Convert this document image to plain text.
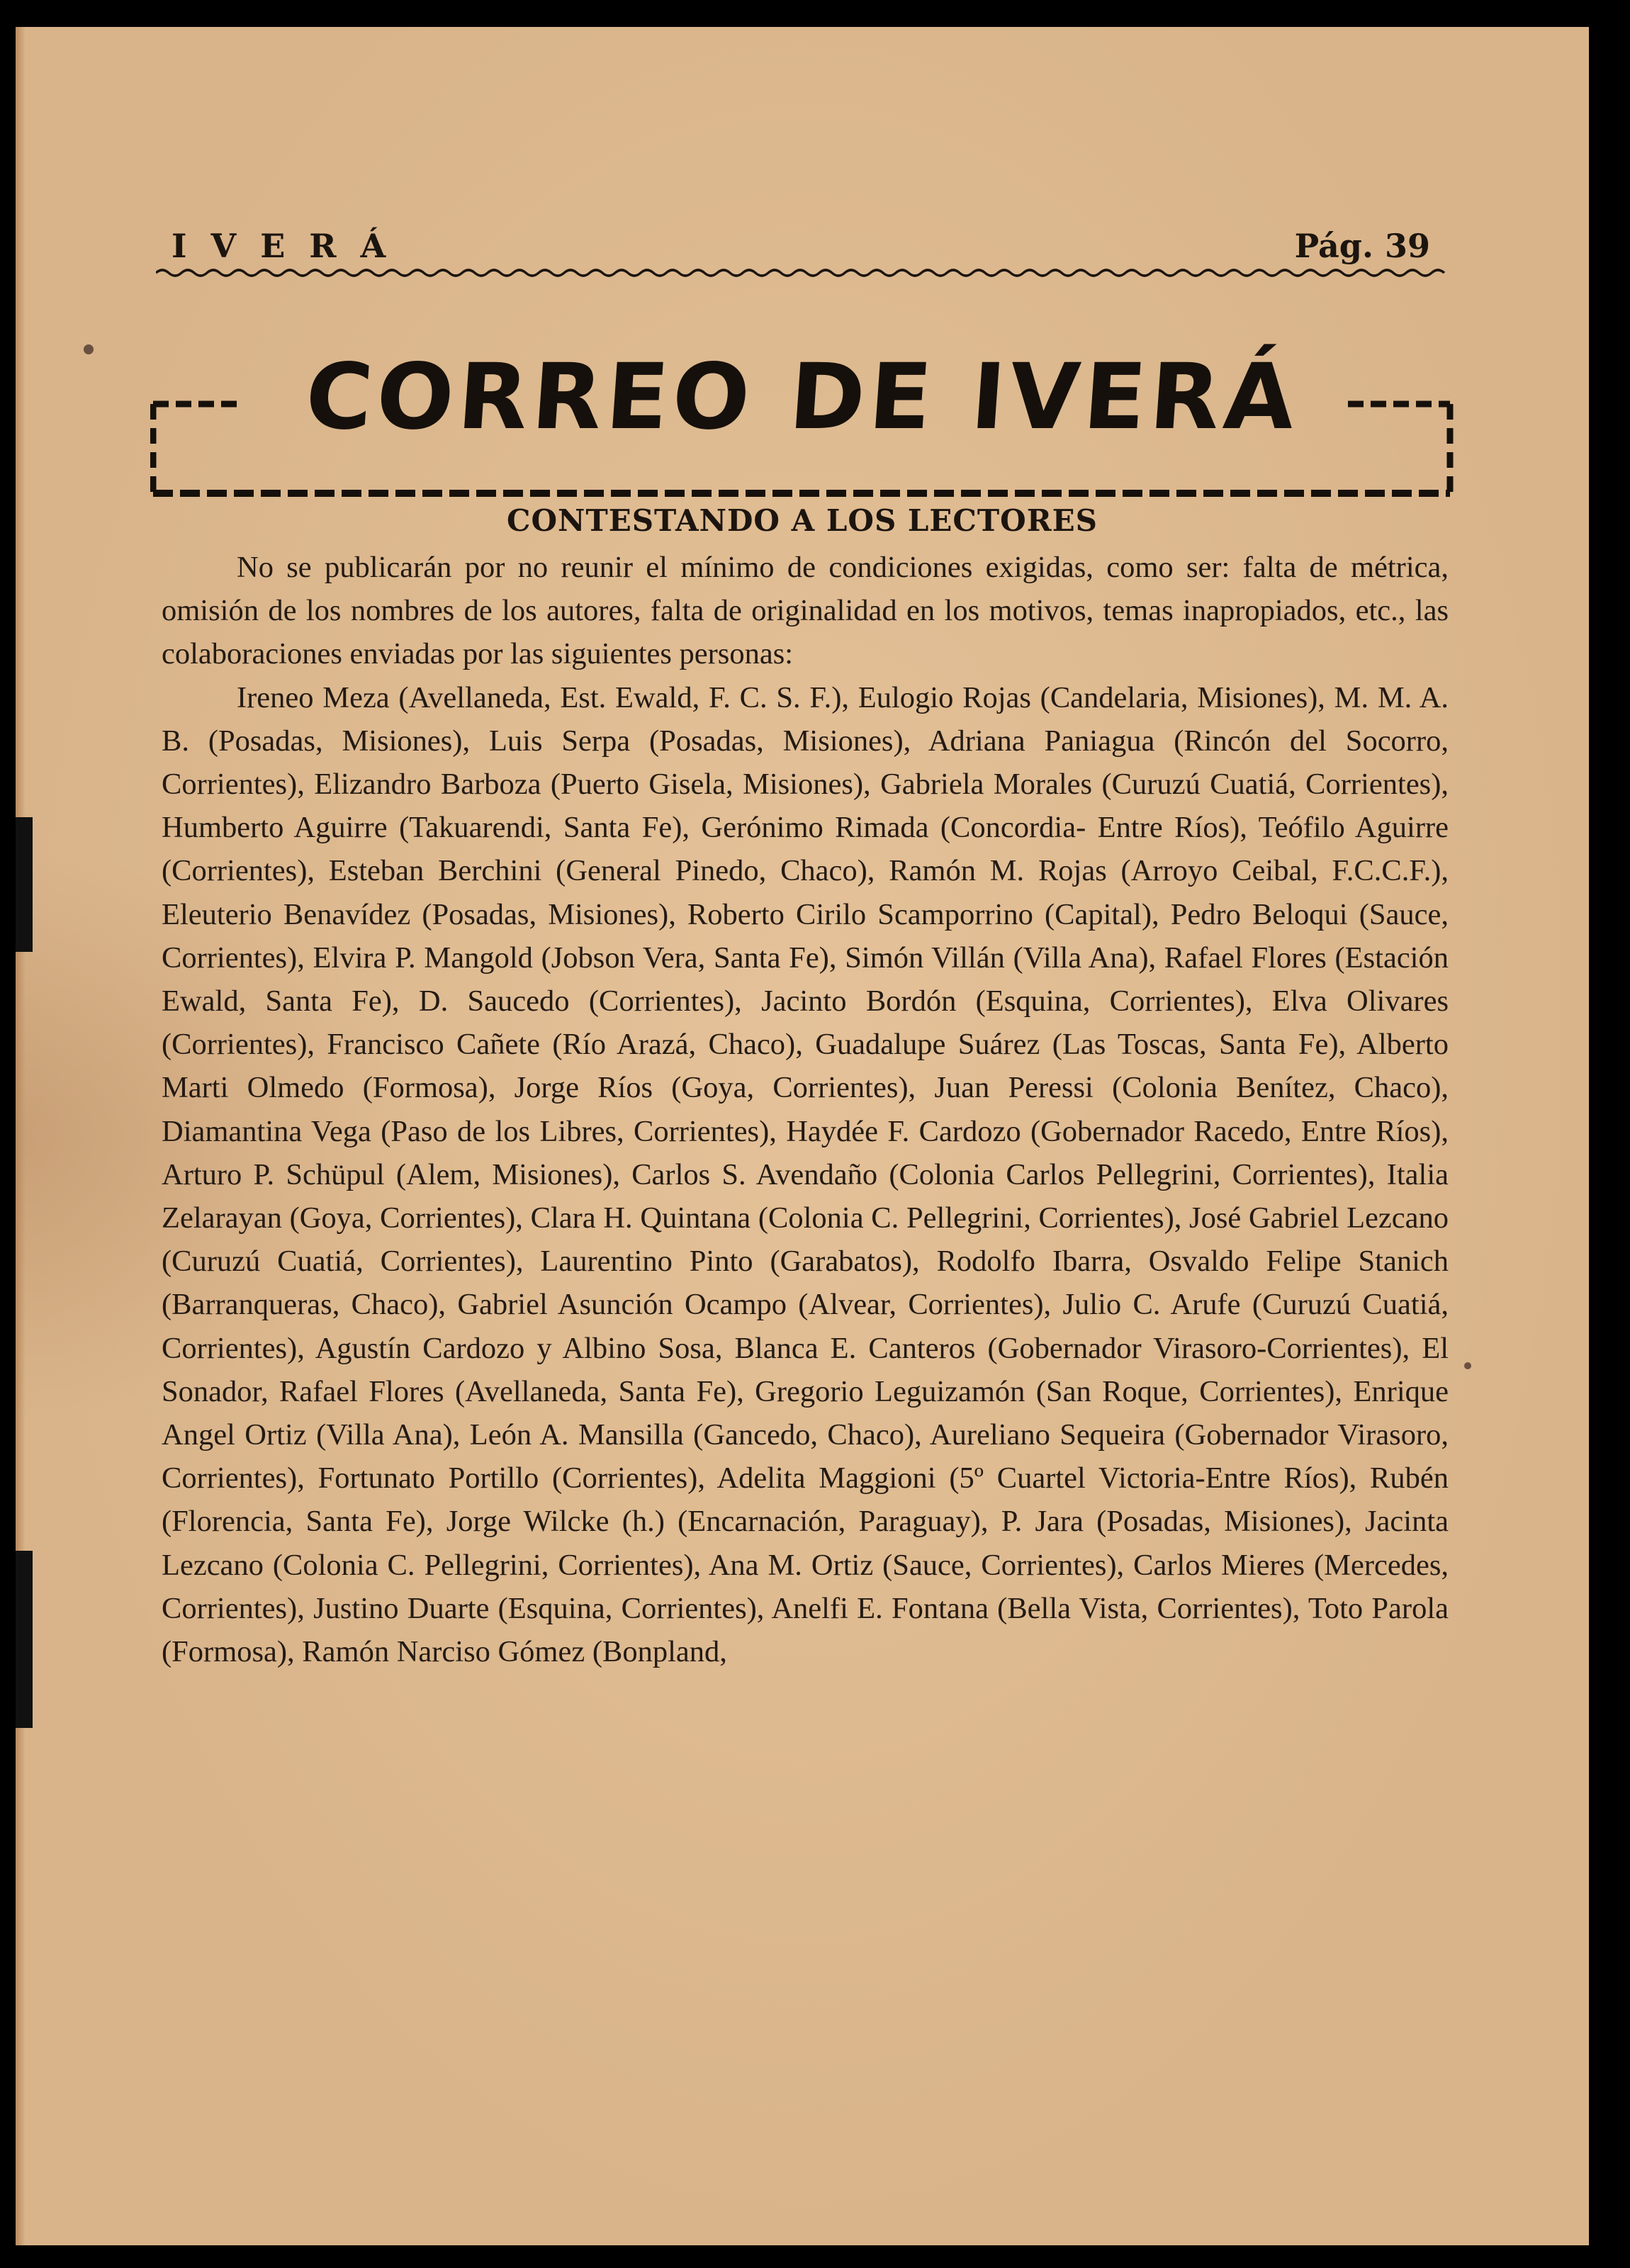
IVERÁ	Pág. 39
CORREO DE IVERÁ
CONTESTANDO A LOS LECTORES

No se publicarán por no reunir el mínimo de condiciones exigidas, como ser: falta de métrica, omisión de los nombres de los autores, falta de originalidad en los motivos, temas inapropiados, etc., las colaboraciones enviadas por las siguientes personas:

Ireneo Meza (Avellaneda, Est. Ewald, F. C. S. F.), Eulogio Rojas (Candelaria, Misiones), M. M. A. B. (Posadas, Misiones), Luis Serpa (Posadas, Misiones), Adriana Paniagua (Rincón del Socorro, Corrientes), Elizandro Barboza (Puerto Gisela, Misiones), Gabriela Morales (Curuzú Cuatiá, Corrientes), Humberto Aguirre (Takuarendi, Santa Fe), Gerónimo Rimada (Concordia- Entre Ríos), Teófilo Aguirre (Corrientes), Esteban Berchini (General Pinedo, Chaco), Ramón M. Rojas (Arroyo Ceibal, F.C.C.F.), Eleuterio Benavídez (Posadas, Misiones), Roberto Cirilo Scamporrino (Capital), Pedro Beloqui (Sauce, Corrientes), Elvira P. Mangold (Jobson Vera, Santa Fe), Simón Villán (Villa Ana), Rafael Flores (Estación Ewald, Santa Fe), D. Saucedo (Corrientes), Jacinto Bordón (Esquina, Corrientes), Elva Olivares (Corrientes), Francisco Cañete (Río Arazá, Chaco), Guadalupe Suárez (Las Toscas, Santa Fe), Alberto Marti Olmedo (Formosa), Jorge Ríos (Goya, Corrientes), Juan Peressi (Colonia Benítez, Chaco), Diamantina Vega (Paso de los Libres, Corrientes), Haydée F. Cardozo (Gobernador Racedo, Entre Ríos), Arturo P. Schüpul (Alem, Misiones), Carlos S. Avendaño (Colonia Carlos Pellegrini, Corrientes), Italia Zelarayan (Goya, Corrientes), Clara H. Quintana (Colonia C. Pellegrini, Corrientes), José Gabriel Lezcano (Curuzú Cuatiá, Corrientes), Laurentino Pinto (Garabatos), Rodolfo Ibarra, Osvaldo Felipe Stanich (Barranqueras, Chaco), Gabriel Asunción Ocampo (Alvear, Corrientes), Julio C. Arufe (Curuzú Cuatiá, Corrientes), Agustín Cardozo y Albino Sosa, Blanca E. Canteros (Gobernador Virasoro-Corrientes), El Sonador, Rafael Flores (Avellaneda, Santa Fe), Gregorio Leguizamón (San Roque, Corrientes), Enrique Angel Ortiz (Villa Ana), León A. Mansilla (Gancedo, Chaco), Aureliano Sequeira (Gobernador Virasoro, Corrientes), Fortunato Portillo (Corrientes), Adelita Maggioni (5º Cuartel Victoria-Entre Ríos), Rubén (Florencia, Santa Fe), Jorge Wilcke (h.) (Encarnación, Paraguay), P. Jara (Posadas, Misiones), Jacinta Lezcano (Colonia C. Pellegrini, Corrientes), Ana M. Ortiz (Sauce, Corrientes), Carlos Mieres (Mercedes, Corrientes), Justino Duarte (Esquina, Corrientes), Anelfi E. Fontana (Bella Vista, Corrientes), Toto Parola (Formosa), Ramón Narciso Gómez (Bonpland,
